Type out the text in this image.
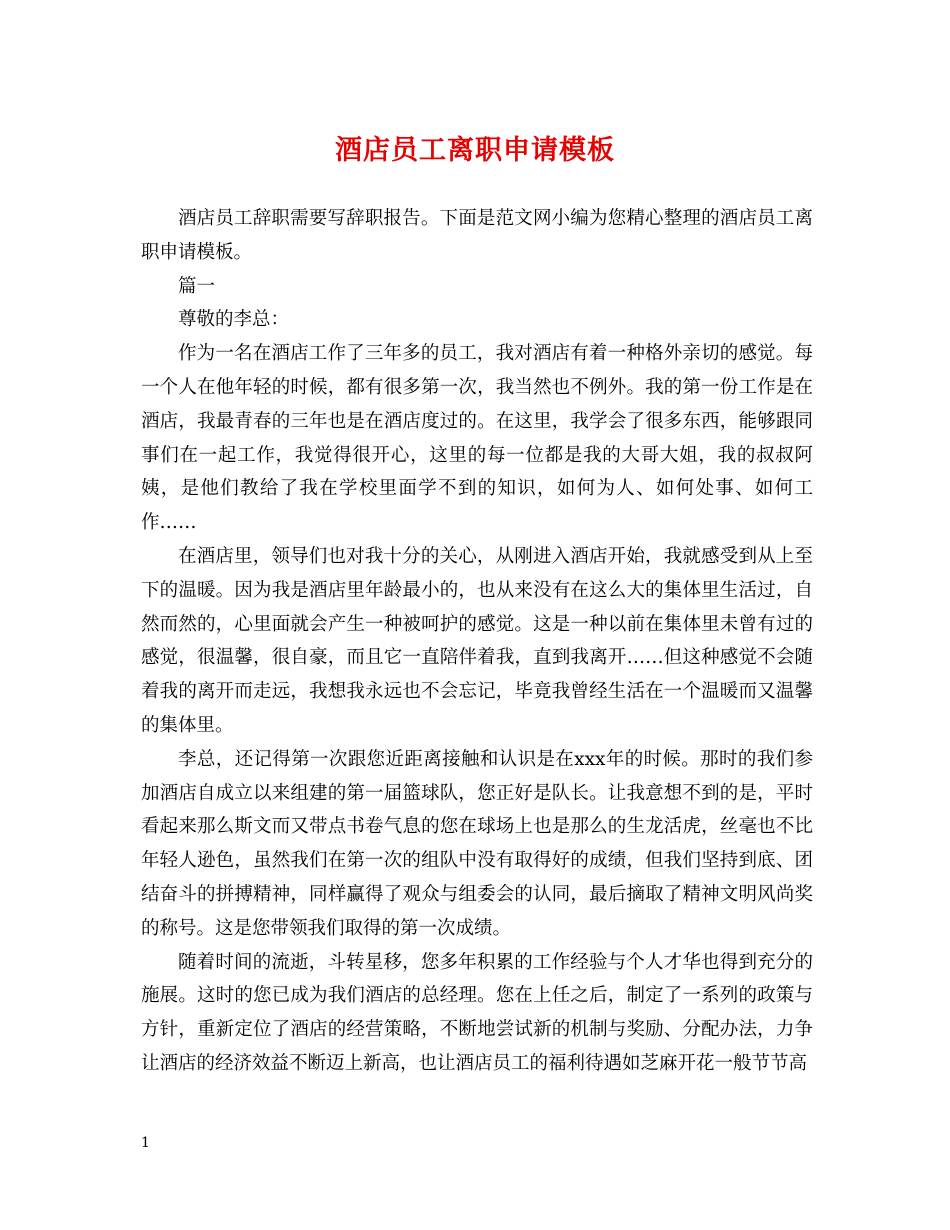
酒店员工离职申请模板

酒店员工辞职需要写辞职报告。下面是范文网小编为您精心整理的酒店员工离职申请模板。

篇一

尊敬的李总：

作为一名在酒店工作了三年多的员工，我对酒店有着一种格外亲切的感觉。每一个人在他年轻的时候，都有很多第一次，我当然也不例外。我的第一份工作是在酒店，我最青春的三年也是在酒店度过的。在这里，我学会了很多东西，能够跟同事们在一起工作，我觉得很开心，这里的每一位都是我的大哥大姐，我的叔叔阿姨，是他们教给了我在学校里面学不到的知识，如何为人、如何处事、如何工作……

在酒店里，领导们也对我十分的关心，从刚进入酒店开始，我就感受到从上至下的温暖。因为我是酒店里年龄最小的，也从来没有在这么大的集体里生活过，自然而然的，心里面就会产生一种被呵护的感觉。这是一种以前在集体里未曾有过的感觉，很温馨，很自豪，而且它一直陪伴着我，直到我离开……但这种感觉不会随着我的离开而走远，我想我永远也不会忘记，毕竟我曾经生活在一个温暖而又温馨的集体里。

李总，还记得第一次跟您近距离接触和认识是在xxx年的时候。那时的我们参加酒店自成立以来组建的第一届篮球队，您正好是队长。让我意想不到的是，平时看起来那么斯文而又带点书卷气息的您在球场上也是那么的生龙活虎，丝毫也不比年轻人逊色，虽然我们在第一次的组队中没有取得好的成绩，但我们坚持到底、团结奋斗的拼搏精神，同样赢得了观众与组委会的认同，最后摘取了精神文明风尚奖的称号。这是您带领我们取得的第一次成绩。

随着时间的流逝，斗转星移，您多年积累的工作经验与个人才华也得到充分的施展。这时的您已成为我们酒店的总经理。您在上任之后，制定了一系列的政策与方针，重新定位了酒店的经营策略，不断地尝试新的机制与奖励、分配办法，力争让酒店的经济效益不断迈上新高，也让酒店员工的福利待遇如芝麻开花一般节节高

1
